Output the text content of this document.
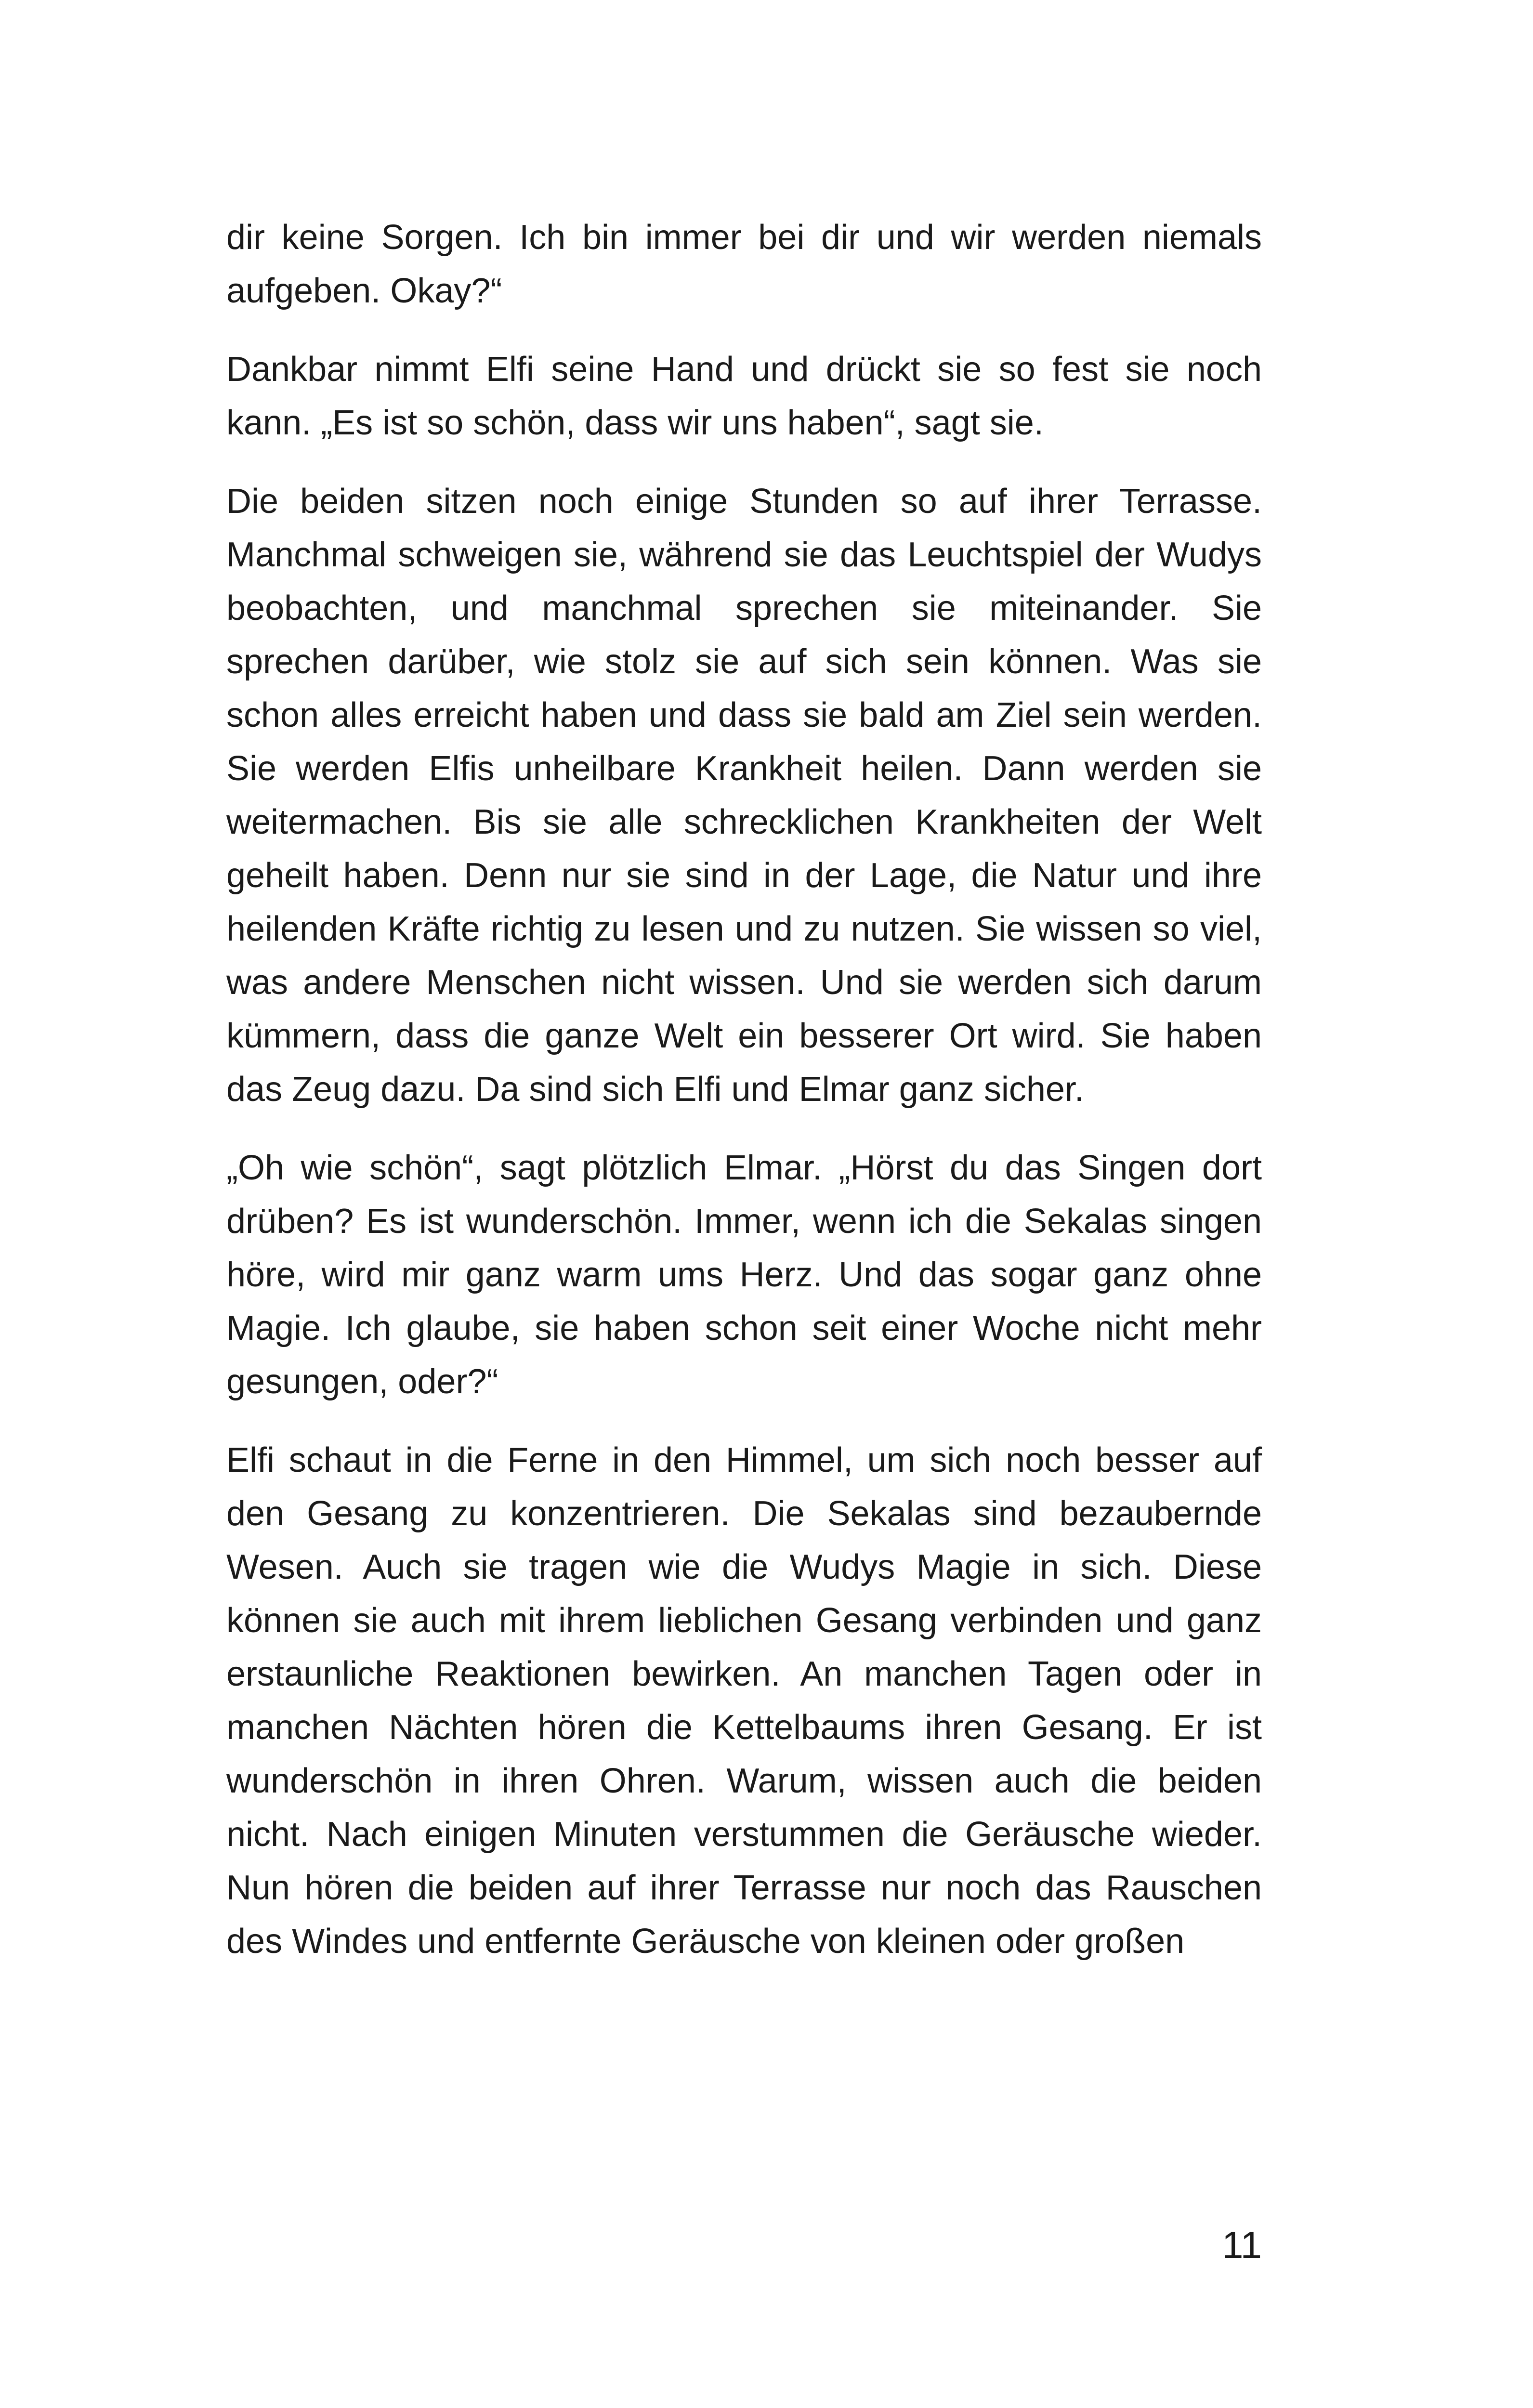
dir keine Sorgen. Ich bin immer bei dir und wir werden niemals aufgeben. Okay?“

Dankbar nimmt Elfi seine Hand und drückt sie so fest sie noch kann. „Es ist so schön, dass wir uns haben“, sagt sie.

Die beiden sitzen noch einige Stunden so auf ihrer Terrasse. Manchmal schweigen sie, während sie das Leuchtspiel der Wudys beobachten, und manchmal sprechen sie miteinander. Sie sprechen darüber, wie stolz sie auf sich sein können. Was sie schon alles erreicht haben und dass sie bald am Ziel sein werden. Sie werden Elfis unheilbare Krankheit heilen. Dann werden sie weitermachen. Bis sie alle schrecklichen Krankheiten der Welt geheilt haben. Denn nur sie sind in der Lage, die Natur und ihre heilenden Kräfte richtig zu lesen und zu nutzen. Sie wissen so viel, was andere Menschen nicht wissen. Und sie werden sich darum kümmern, dass die ganze Welt ein besserer Ort wird. Sie haben das Zeug dazu. Da sind sich Elfi und Elmar ganz sicher.

„Oh wie schön“, sagt plötzlich Elmar. „Hörst du das Singen dort drüben? Es ist wunderschön. Immer, wenn ich die Sekalas singen höre, wird mir ganz warm ums Herz. Und das sogar ganz ohne Magie. Ich glaube, sie haben schon seit einer Woche nicht mehr gesungen, oder?“

Elfi schaut in die Ferne in den Himmel, um sich noch besser auf den Gesang zu konzentrieren. Die Sekalas sind bezaubernde Wesen. Auch sie tragen wie die Wudys Magie in sich. Diese können sie auch mit ihrem lieblichen Gesang verbinden und ganz erstaunliche Reaktionen bewirken. An manchen Tagen oder in manchen Nächten hören die Kettelbaums ihren Gesang. Er ist wunderschön in ihren Ohren. Warum, wissen auch die beiden nicht. Nach einigen Minuten verstummen die Geräusche wieder. Nun hören die beiden auf ihrer Terrasse nur noch das Rauschen des Windes und entfernte Geräusche von kleinen oder großen

11
